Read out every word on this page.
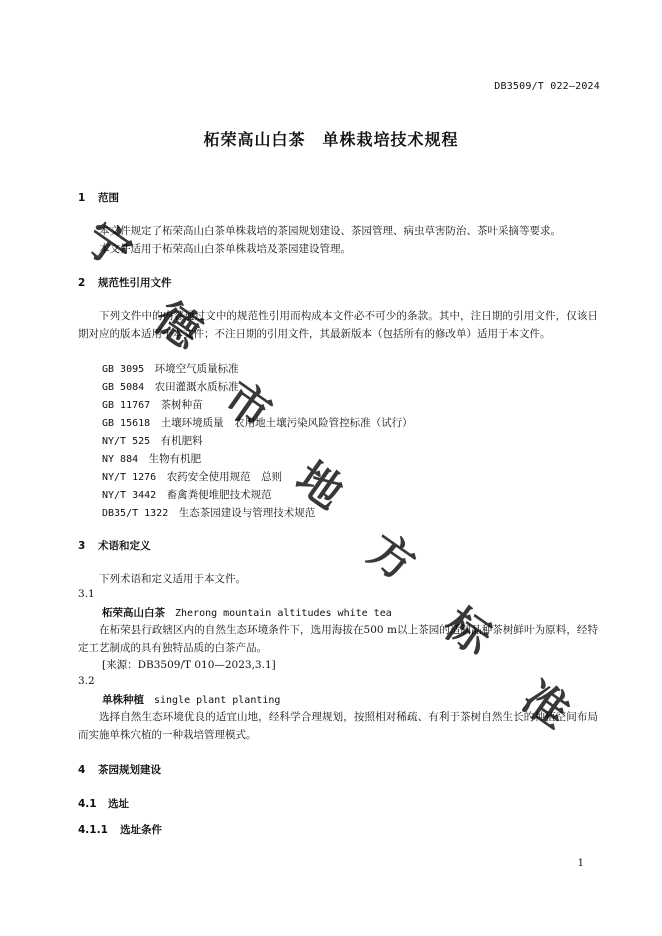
DB3509/T 022—2024
柘荣高山白茶　单株栽培技术规程
1 范围
本文件规定了柘荣高山白茶单株栽培的茶园规划建设、茶园管理、病虫草害防治、茶叶采摘等要求。
本文件适用于柘荣高山白茶单株栽培及茶园建设管理。
2 规范性引用文件
下列文件中的内容通过文中的规范性引用而构成本文件必不可少的条款。其中，注日期的引用文件，仅该日期对应的版本适用于本文件；不注日期的引用文件，其最新版本（包括所有的修改单）适用于本文件。
GB 3095　 环境空气质量标准
GB 5084　 农田灌溉水质标准
GB 11767　 茶树种苗
GB 15618　 土壤环境质量　农用地土壤污染风险管控标准（试行）
NY/T 525　 有机肥料
NY 884　 生物有机肥
NY/T 1276　 农药安全使用规范　总则
NY/T 3442　 畜禽粪便堆肥技术规范
DB35/T 1322　 生态茶园建设与管理技术规范
3 术语和定义
下列术语和定义适用于本文件。
3.1
柘荣高山白茶 Zherong mountain altitudes white tea
在柘荣县行政辖区内的自然生态环境条件下，选用海拔在500 m以上茶园的适制品种茶树鲜叶为原料，经特定工艺制成的具有独特品质的白茶产品。
[来源：DB3509/T 010—2023,3.1]
3.2
单株种植 single plant planting
选择自然生态环境优良的适宜山地，经科学合理规划，按照相对稀疏、有利于茶树自然生长的种植空间布局而实施单株穴植的一种栽培管理模式。
4 茶园规划建设
4.1 选址
4.1.1 选址条件
1
宁
德
市
地
方
标
准
